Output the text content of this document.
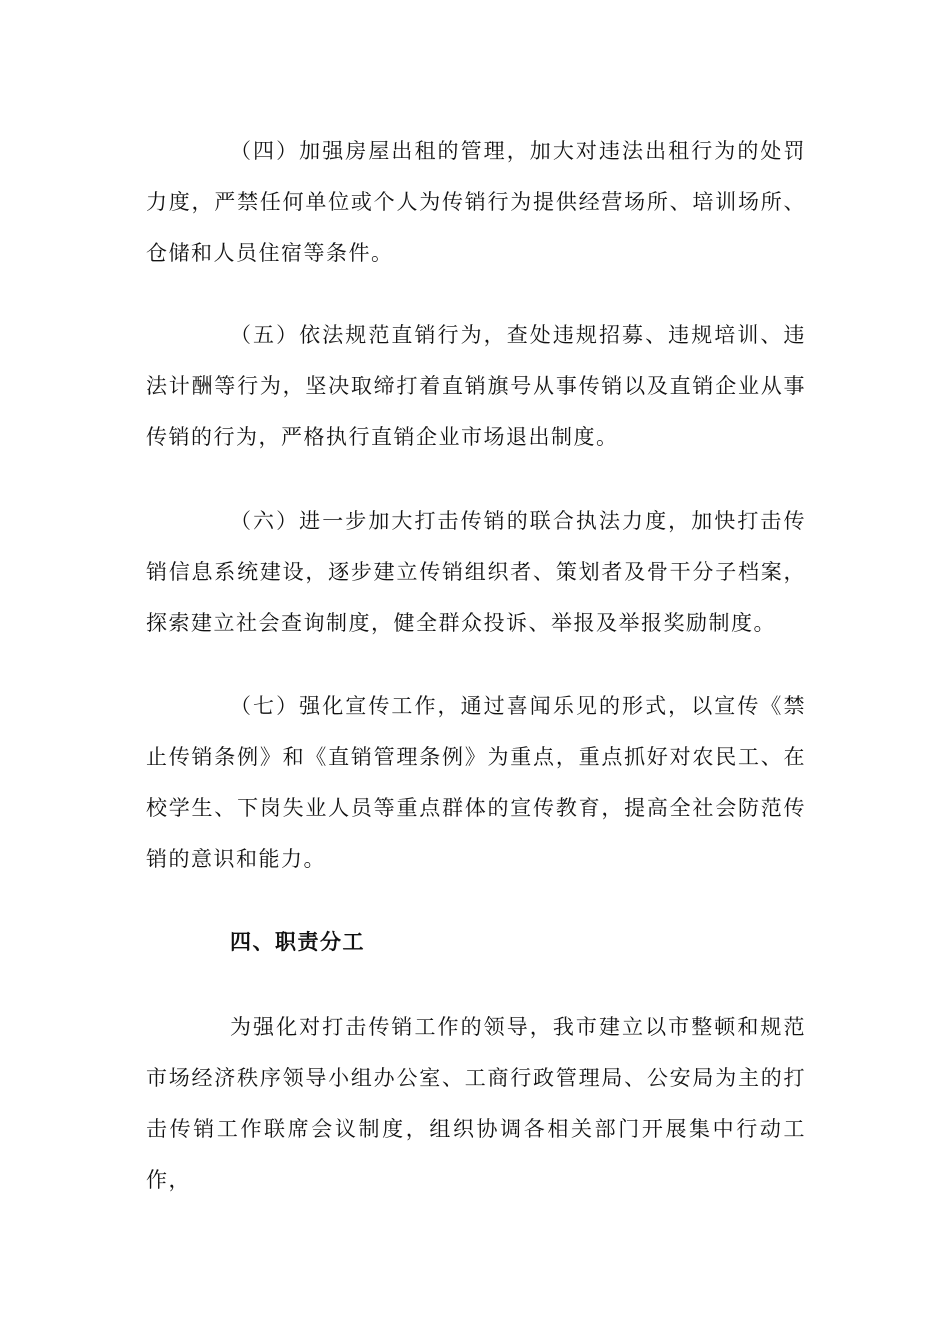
（四）加强房屋出租的管理，加大对违法出租行为的处罚力度，严禁任何单位或个人为传销行为提供经营场所、培训场所、仓储和人员住宿等条件。

（五）依法规范直销行为，查处违规招募、违规培训、违法计酬等行为，坚决取缔打着直销旗号从事传销以及直销企业从事传销的行为，严格执行直销企业市场退出制度。

（六）进一步加大打击传销的联合执法力度，加快打击传销信息系统建设，逐步建立传销组织者、策划者及骨干分子档案，探索建立社会查询制度，健全群众投诉、举报及举报奖励制度。

（七）强化宣传工作，通过喜闻乐见的形式，以宣传《禁止传销条例》和《直销管理条例》为重点，重点抓好对农民工、在校学生、下岗失业人员等重点群体的宣传教育，提高全社会防范传销的意识和能力。

四、职责分工

为强化对打击传销工作的领导，我市建立以市整顿和规范市场经济秩序领导小组办公室、工商行政管理局、公安局为主的打击传销工作联席会议制度，组织协调各相关部门开展集中行动工作，
